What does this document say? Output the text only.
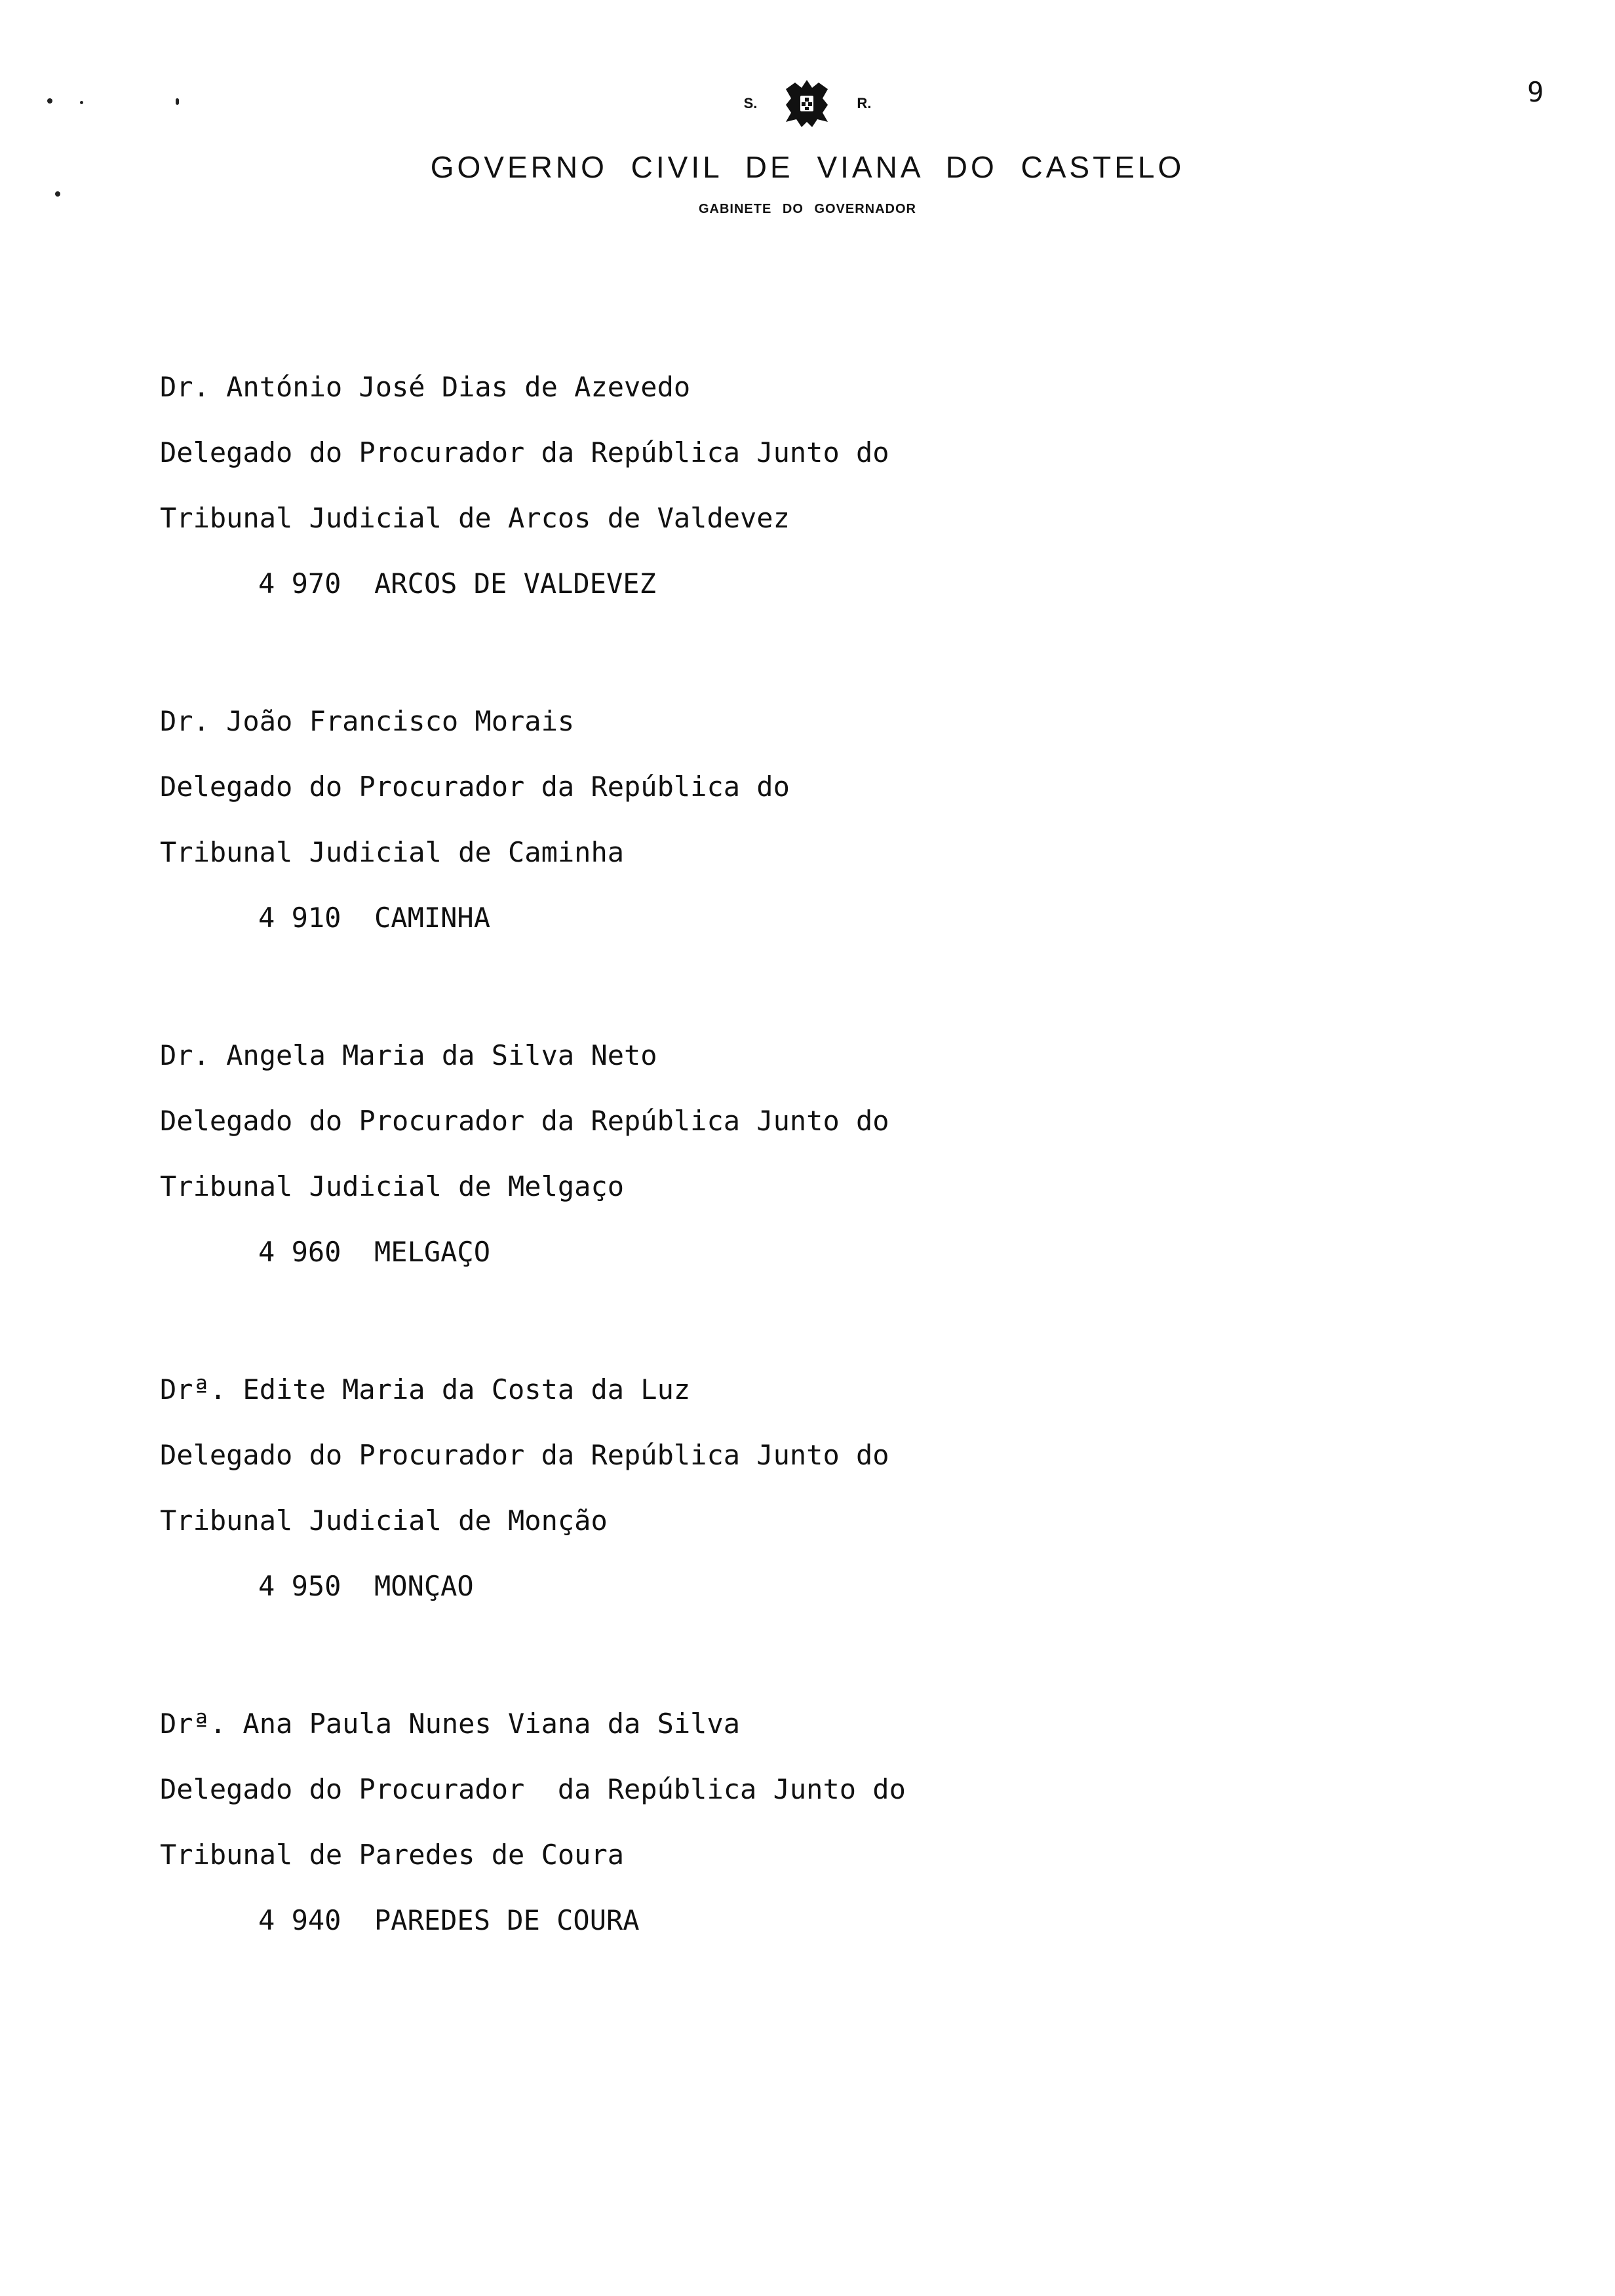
9
S.	R.
GOVERNO CIVIL DE VIANA DO CASTELO
GABINETE DO GOVERNADOR
Dr. António José Dias de Azevedo
Delegado do Procurador da República Junto do
Tribunal Judicial de Arcos de Valdevez
4 970  ARCOS DE VALDEVEZ
Dr. João Francisco Morais
Delegado do Procurador da República do
Tribunal Judicial de Caminha
4 910  CAMINHA
Dr. Angela Maria da Silva Neto
Delegado do Procurador da República Junto do
Tribunal Judicial de Melgaço
4 960  MELGAÇO
Drª. Edite Maria da Costa da Luz
Delegado do Procurador da República Junto do
Tribunal Judicial de Monção
4 950  MONÇAO
Drª. Ana Paula Nunes Viana da Silva
Delegado do Procurador  da República Junto do
Tribunal de Paredes de Coura
4 940  PAREDES DE COURA
